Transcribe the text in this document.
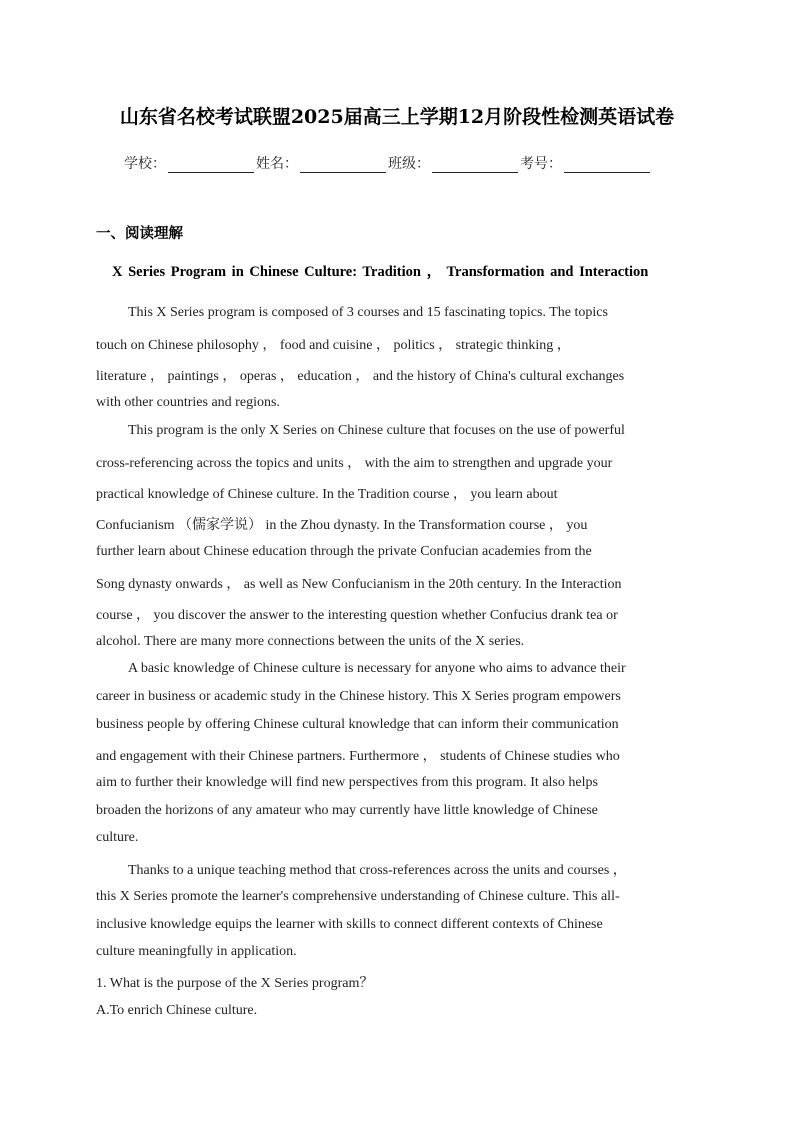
山东省名校考试联盟2025届高三上学期12月阶段性检测英语试卷
学校：	姓名：	班级：	考号：
一、阅读理解
X Series Program in Chinese Culture: Tradition ， Transformation and Interaction
This X Series program is composed of 3 courses and 15 fascinating topics. The topics
touch on Chinese philosophy ， food and cuisine ， politics ， strategic thinking ，
literature ， paintings ， operas ， education ， and the history of China's cultural exchanges
with other countries and regions.
This program is the only X Series on Chinese culture that focuses on the use of powerful
cross-referencing across the topics and units ， with the aim to strengthen and upgrade your
practical knowledge of Chinese culture. In the Tradition course ， you learn about
Confucianism （儒家学说） in the Zhou dynasty. In the Transformation course ， you
further learn about Chinese education through the private Confucian academies from the
Song dynasty onwards ， as well as New Confucianism in the 20th century. In the Interaction
course ， you discover the answer to the interesting question whether Confucius drank tea or
alcohol. There are many more connections between the units of the X series.
A basic knowledge of Chinese culture is necessary for anyone who aims to advance their
career in business or academic study in the Chinese history. This X Series program empowers
business people by offering Chinese cultural knowledge that can inform their communication
and engagement with their Chinese partners. Furthermore ， students of Chinese studies who
aim to further their knowledge will find new perspectives from this program. It also helps
broaden the horizons of any amateur who may currently have little knowledge of Chinese
culture.
Thanks to a unique teaching method that cross-references across the units and courses ，
this X Series promote the learner's comprehensive understanding of Chinese culture. This all-
inclusive knowledge equips the learner with skills to connect different contexts of Chinese
culture meaningfully in application.
1. What is the purpose of the X Series program？
A.To enrich Chinese culture.
